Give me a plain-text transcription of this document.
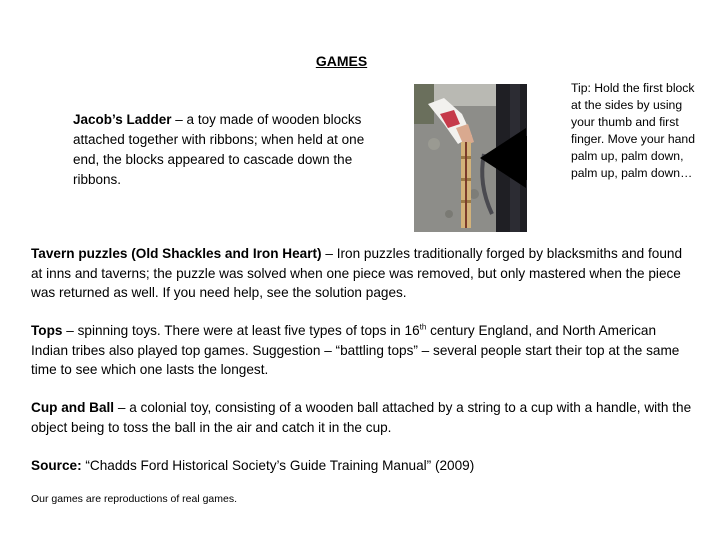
GAMES
Jacob’s Ladder – a toy made of wooden blocks attached together with ribbons; when held at one end, the blocks appeared to cascade down the ribbons.
Tip: Hold the first block at the sides by using your thumb and first finger. Move your hand palm up, palm down, palm up, palm down…
Tavern puzzles (Old Shackles and Iron Heart) – Iron puzzles traditionally forged by blacksmiths and found at inns and taverns; the puzzle was solved when one piece was removed, but only mastered when the piece was returned as well. If you need help, see the solution pages.
Tops – spinning toys. There were at least five types of tops in 16th century England, and North American Indian tribes also played top games. Suggestion – “battling tops” – several people start their top at the same time to see which one lasts the longest.
Cup and Ball – a colonial toy, consisting of a wooden ball attached by a string to a cup with a handle, with the object being to toss the ball in the air and catch it in the cup.
Source: “Chadds Ford Historical Society’s Guide Training Manual” (2009)
Our games are reproductions of real games.
